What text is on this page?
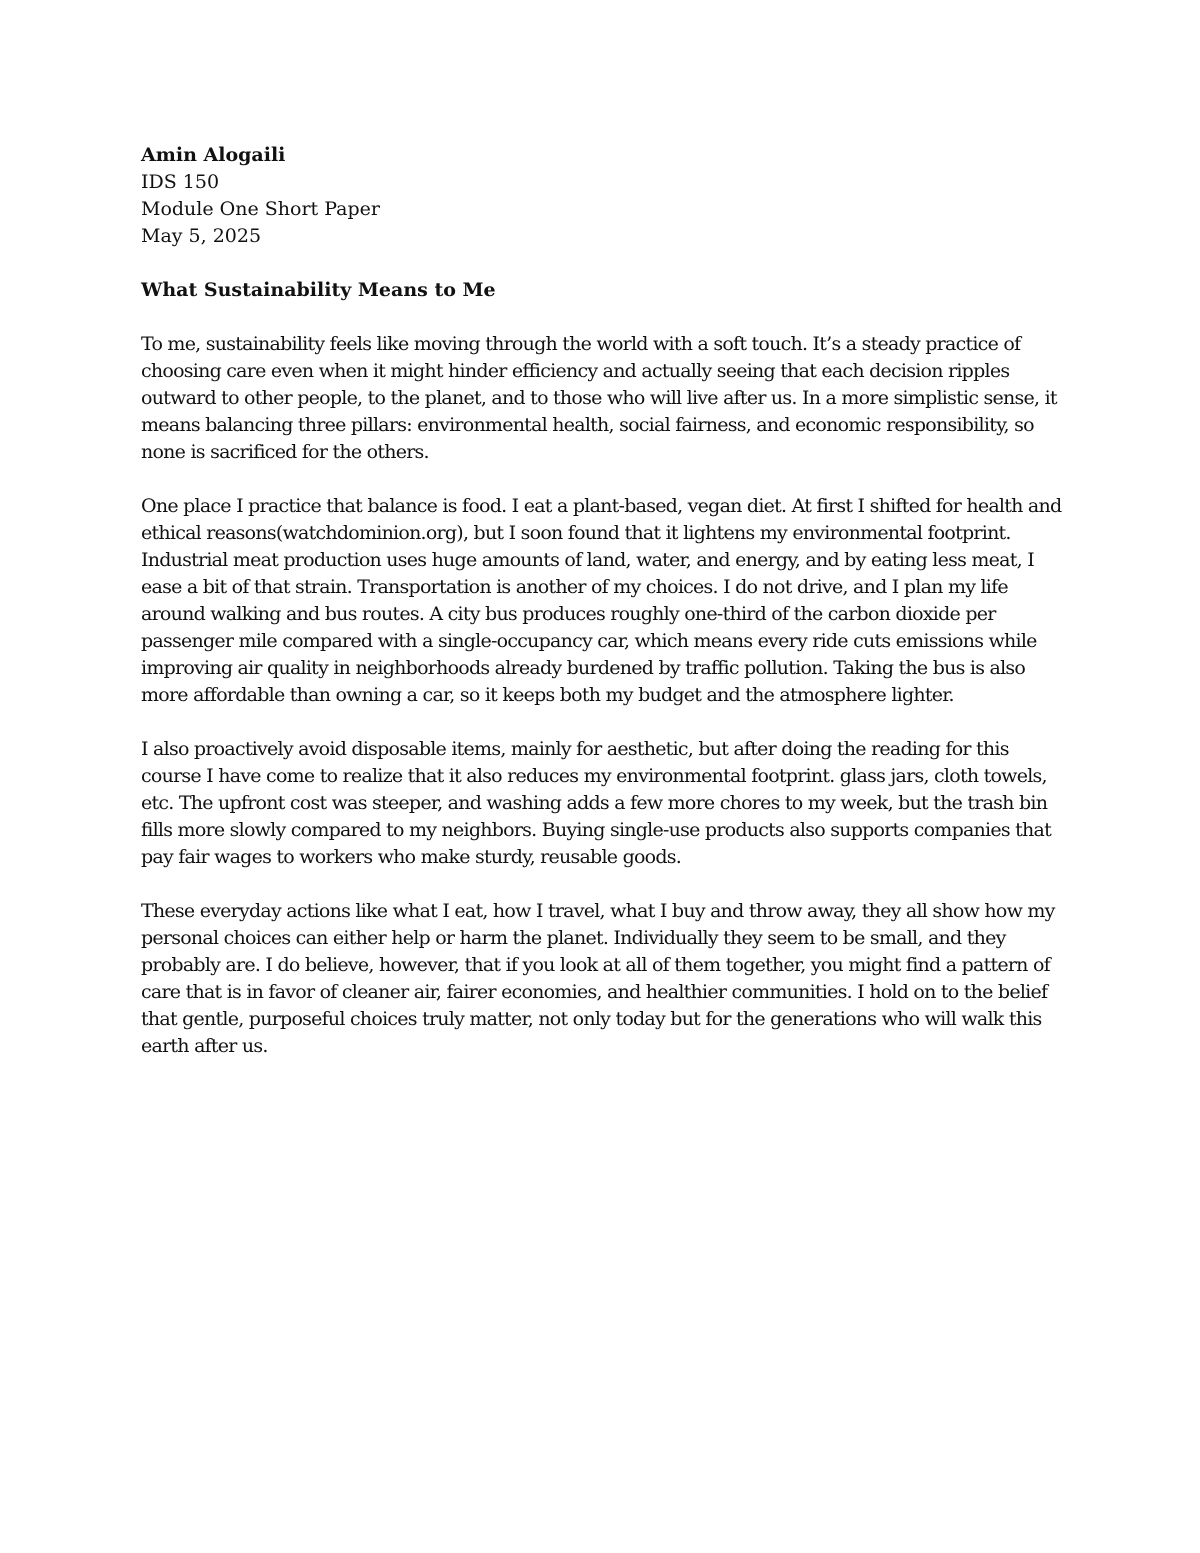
Amin Alogaili
IDS 150
Module One Short Paper
May 5, 2025
What Sustainability Means to Me

To me, sustainability feels like moving through the world with a soft touch. It’s a steady practice of choosing care even when it might hinder efficiency and actually seeing that each decision ripples outward to other people, to the planet, and to those who will live after us. In a more simplistic sense, it means balancing three pillars: environmental health, social fairness, and economic responsibility, so none is sacrificed for the others.

One place I practice that balance is food. I eat a plant-based, vegan diet. At first I shifted for health and ethical reasons(watchdominion.org), but I soon found that it lightens my environmental footprint. Industrial meat production uses huge amounts of land, water, and energy, and by eating less meat, I ease a bit of that strain. Transportation is another of my choices. I do not drive, and I plan my life around walking and bus routes. A city bus produces roughly one-third of the carbon dioxide per passenger mile compared with a single-occupancy car, which means every ride cuts emissions while improving air quality in neighborhoods already burdened by traffic pollution. Taking the bus is also more affordable than owning a car, so it keeps both my budget and the atmosphere lighter.

I also proactively avoid disposable items, mainly for aesthetic, but after doing the reading for this course I have come to realize that it also reduces my environmental footprint. glass jars, cloth towels, etc. The upfront cost was steeper, and washing adds a few more chores to my week, but the trash bin fills more slowly compared to my neighbors. Buying single-use products also supports companies that pay fair wages to workers who make sturdy, reusable goods.

These everyday actions like what I eat, how I travel, what I buy and throw away, they all show how my personal choices can either help or harm the planet. Individually they seem to be small, and they probably are. I do believe, however, that if you look at all of them together, you might find a pattern of care that is in favor of cleaner air, fairer economies, and healthier communities. I hold on to the belief that gentle, purposeful choices truly matter, not only today but for the generations who will walk this earth after us.
